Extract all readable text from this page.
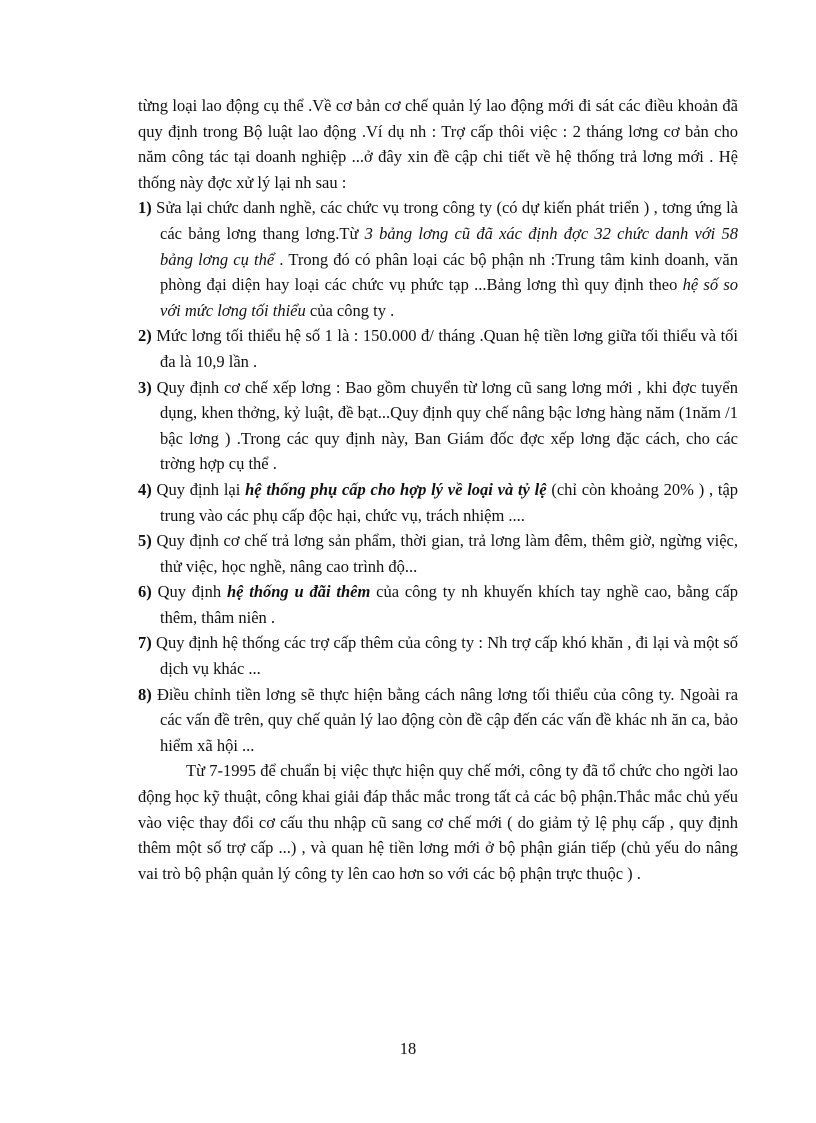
từng loại lao động cụ thể .Về cơ bản cơ chế quản lý lao động mới đi sát các điều khoản đã quy định trong Bộ luật lao động .Ví dụ nh : Trợ cấp thôi việc : 2 tháng lơng cơ bản cho năm công tác tại doanh nghiệp ...ở đây xin đề cập chi tiết về hệ thống trả lơng mới . Hệ thống này đợc xử lý lại nh sau :

1) Sửa lại chức danh nghề, các chức vụ trong công ty (có dự kiến phát triển ) , tơng ứng là các bảng lơng thang lơng.Từ 3 bảng lơng cũ đã xác định đợc 32 chức danh với 58 bảng lơng cụ thể . Trong đó có phân loại các bộ phận nh :Trung tâm kinh doanh, văn phòng đại diện hay loại các chức vụ phức tạp ...Bảng lơng thì quy định theo hệ số so với mức lơng tối thiểu của công ty .

2) Mức lơng tối thiểu hệ số 1 là : 150.000 đ/ tháng .Quan hệ tiền lơng giữa tối thiểu và tối đa là 10,9 lần .

3) Quy định cơ chế xếp lơng : Bao gồm chuyển từ lơng cũ sang lơng mới , khi đợc tuyển dụng, khen thởng, kỷ luật, đề bạt...Quy định quy chế nâng bậc lơng hàng năm (1năm /1 bậc lơng ) .Trong các quy định này, Ban Giám đốc đợc xếp lơng đặc cách, cho các trờng hợp cụ thể .

4) Quy định lại hệ thống phụ cấp cho hợp lý về loại và tỷ lệ (chỉ còn khoảng 20% ) , tập trung vào các phụ cấp độc hại, chức vụ, trách nhiệm ....

5) Quy định cơ chế trả lơng sản phẩm, thời gian, trả lơng làm đêm, thêm giờ, ngừng việc, thử việc, học nghề, nâng cao trình độ...

6) Quy định hệ thống u đãi thêm của công ty nh khuyến khích tay nghề cao, bằng cấp thêm, thâm niên .

7) Quy định hệ thống các trợ cấp thêm của công ty : Nh trợ cấp khó khăn , đi lại và một số dịch vụ khác ...

8) Điều chỉnh tiền lơng sẽ thực hiện bằng cách nâng lơng tối thiểu của công ty. Ngoài ra các vấn đề trên, quy chế quản lý lao động còn đề cập đến các vấn đề khác nh ăn ca, bảo hiểm xã hội ...

Từ 7-1995 để chuẩn bị việc thực hiện quy chế mới, công ty đã tổ chức cho ngời lao động học kỹ thuật, công khai giải đáp thắc mắc trong tất cả các bộ phận.Thắc mắc chủ yếu vào việc thay đổi cơ cấu thu nhập cũ sang cơ chế mới ( do giảm tỷ lệ phụ cấp , quy định thêm một số trợ cấp ...) , và quan hệ tiền lơng mới ở bộ phận gián tiếp (chủ yếu do nâng vai trò bộ phận quản lý công ty lên cao hơn so với các bộ phận trực thuộc ) .

18
